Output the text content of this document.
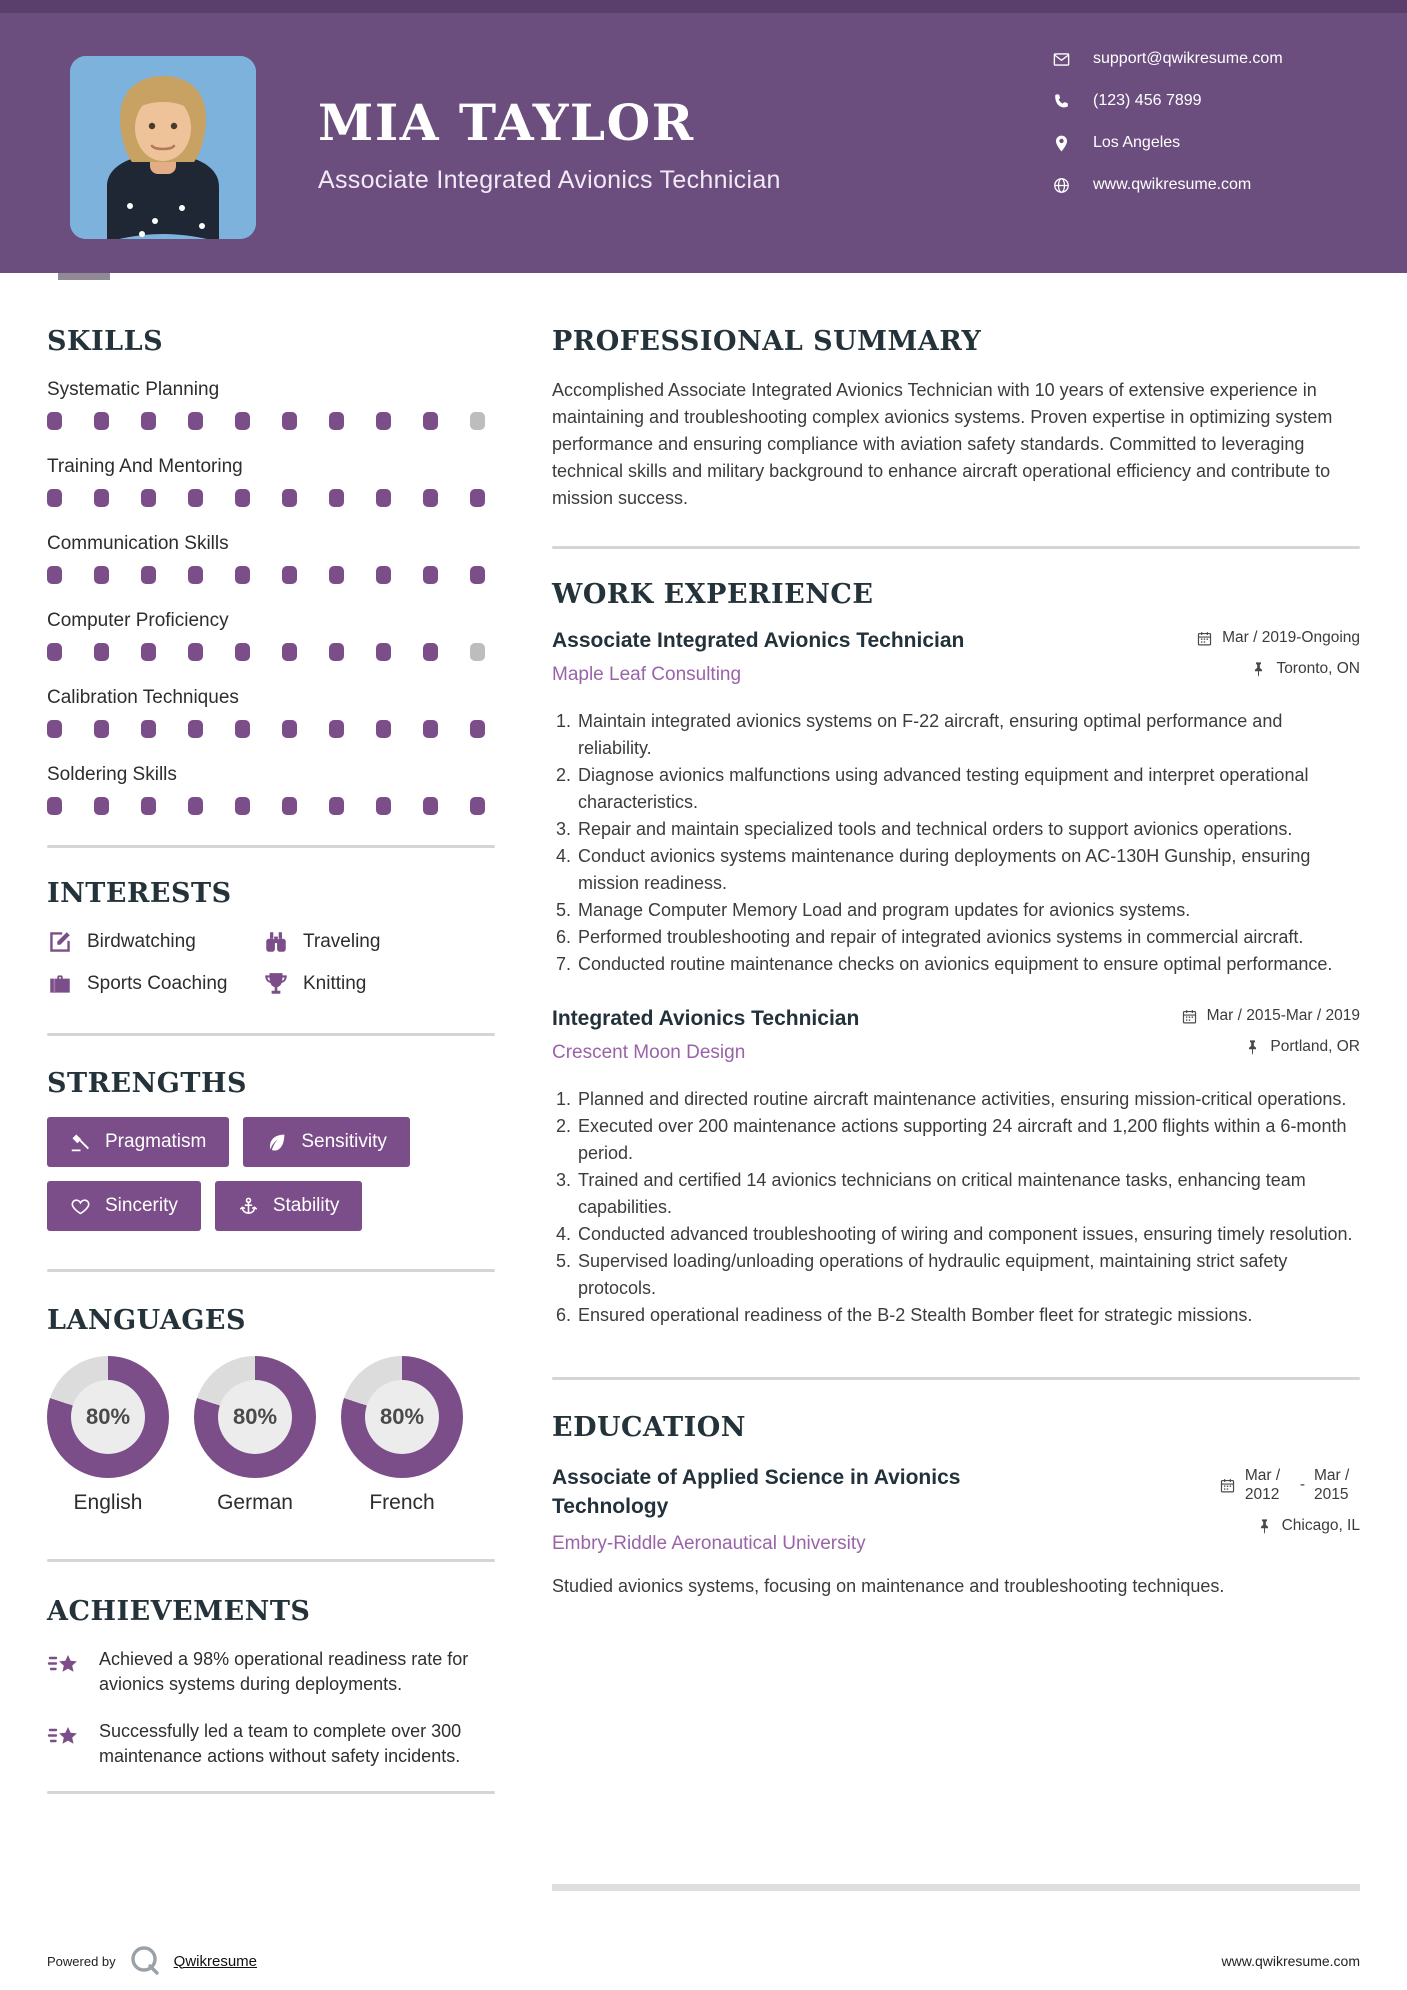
MIA TAYLOR
Associate Integrated Avionics Technician
support@qwikresume.com
(123) 456 7899
Los Angeles
www.qwikresume.com
SKILLS
Systematic Planning
Training And Mentoring
Communication Skills
Computer Proficiency
Calibration Techniques
Soldering Skills
INTERESTS
Birdwatching	Traveling
Sports Coaching	Knitting
STRENGTHS
Pragmatism	Sensitivity
Sincerity	Stability
LANGUAGES
80%
English
80%
German
80%
French
ACHIEVEMENTS
Achieved a 98% operational readiness rate for avionics systems during deployments.
Successfully led a team to complete over 300 maintenance actions without safety incidents.
PROFESSIONAL SUMMARY

Accomplished Associate Integrated Avionics Technician with 10 years of extensive experience in maintaining and troubleshooting complex avionics systems. Proven expertise in optimizing system performance and ensuring compliance with aviation safety standards. Committed to leveraging technical skills and military background to enhance aircraft operational efficiency and contribute to mission success.

WORK EXPERIENCE
Associate Integrated Avionics Technician
Maple Leaf Consulting
Mar / 2019-Ongoing
Toronto, ON
1. Maintain integrated avionics systems on F-22 aircraft, ensuring optimal performance and reliability.
2. Diagnose avionics malfunctions using advanced testing equipment and interpret operational characteristics.
3. Repair and maintain specialized tools and technical orders to support avionics operations.
4. Conduct avionics systems maintenance during deployments on AC-130H Gunship, ensuring mission readiness.
5. Manage Computer Memory Load and program updates for avionics systems.
6. Performed troubleshooting and repair of integrated avionics systems in commercial aircraft.
7. Conducted routine maintenance checks on avionics equipment to ensure optimal performance.
Integrated Avionics Technician
Crescent Moon Design
Mar / 2015-Mar / 2019
Portland, OR
1. Planned and directed routine aircraft maintenance activities, ensuring mission-critical operations.
2. Executed over 200 maintenance actions supporting 24 aircraft and 1,200 flights within a 6-month period.
3. Trained and certified 14 avionics technicians on critical maintenance tasks, enhancing team capabilities.
4. Conducted advanced troubleshooting of wiring and component issues, ensuring timely resolution.
5. Supervised loading/unloading operations of hydraulic equipment, maintaining strict safety protocols.
6. Ensured operational readiness of the B-2 Stealth Bomber fleet for strategic missions.
EDUCATION
Associate of Applied Science in Avionics Technology
Embry-Riddle Aeronautical University
Mar / 2012
-
Mar / 2015
Chicago, IL
Studied avionics systems, focusing on maintenance and troubleshooting techniques.
Powered by	Qwikresume	www.qwikresume.com
